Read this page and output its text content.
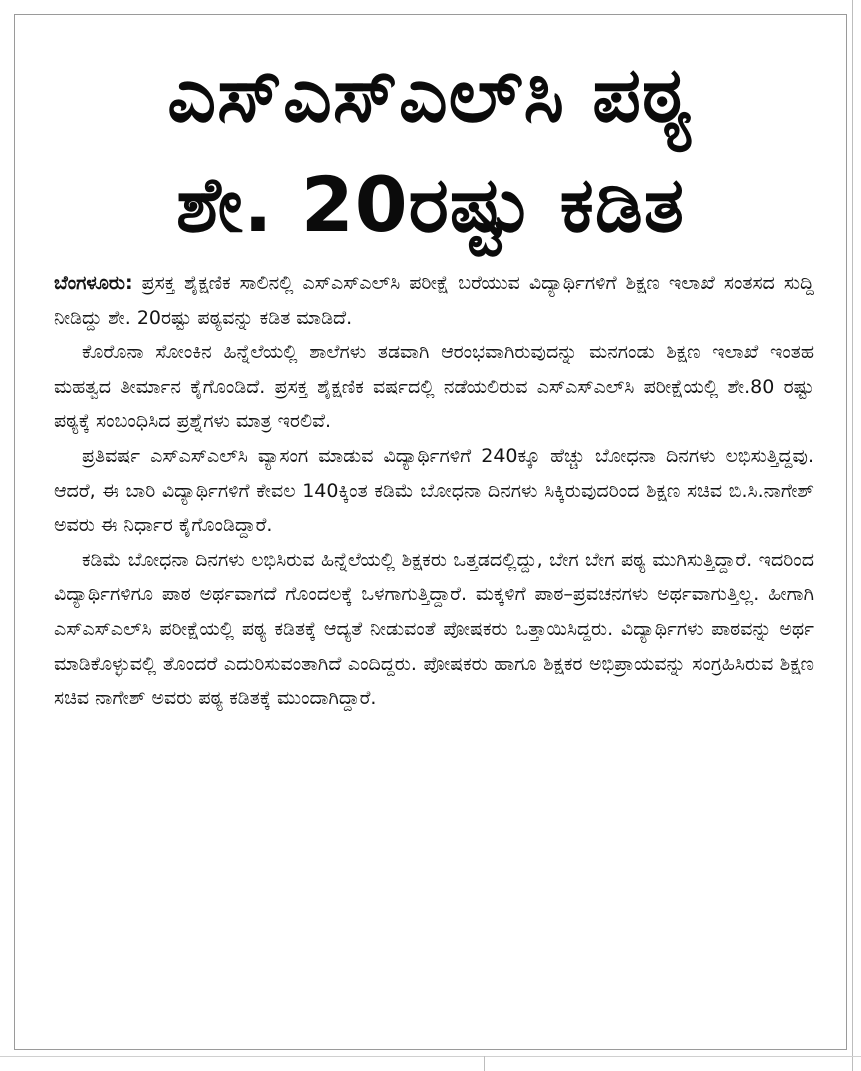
ಎಸ್‌ಎಸ್‌ಎಲ್‌ಸಿ ಪಠ್ಯ
ಶೇ. 20ರಷ್ಟು ಕಡಿತ

ಬೆಂಗಳೂರು: ಪ್ರಸಕ್ತ ಶೈಕ್ಷಣಿಕ ಸಾಲಿನಲ್ಲಿ ಎಸ್‌ಎಸ್‌ಎಲ್‌ಸಿ ಪರೀಕ್ಷೆ ಬರೆಯುವ ವಿದ್ಯಾರ್ಥಿಗಳಿಗೆ ಶಿಕ್ಷಣ ಇಲಾಖೆ ಸಂತಸದ ಸುದ್ದಿ ನೀಡಿದ್ದು ಶೇ. 20ರಷ್ಟು ಪಠ್ಯವನ್ನು ಕಡಿತ ಮಾಡಿದೆ.

ಕೊರೊನಾ ಸೋಂಕಿನ ಹಿನ್ನೆಲೆಯಲ್ಲಿ ಶಾಲೆಗಳು ತಡವಾಗಿ ಆರಂಭವಾಗಿರುವುದನ್ನು ಮನಗಂಡು ಶಿಕ್ಷಣ ಇಲಾಖೆ ಇಂತಹ ಮಹತ್ವದ ತೀರ್ಮಾನ ಕೈಗೊಂಡಿದೆ. ಪ್ರಸಕ್ತ ಶೈಕ್ಷಣಿಕ ವರ್ಷದಲ್ಲಿ ನಡೆಯಲಿರುವ ಎಸ್‌ಎಸ್‌ಎಲ್‌ಸಿ ಪರೀಕ್ಷೆಯಲ್ಲಿ ಶೇ.80 ರಷ್ಟು ಪಠ್ಯಕ್ಕೆ ಸಂಬಂಧಿಸಿದ ಪ್ರಶ್ನೆಗಳು ಮಾತ್ರ ಇರಲಿವೆ.

ಪ್ರತಿವರ್ಷ ಎಸ್‌ಎಸ್‌ಎಲ್‌ಸಿ ವ್ಯಾಸಂಗ ಮಾಡುವ ವಿದ್ಯಾರ್ಥಿಗಳಿಗೆ 240ಕ್ಕೂ ಹೆಚ್ಚು ಬೋಧನಾ ದಿನಗಳು ಲಭಿಸುತ್ತಿದ್ದವು. ಆದರೆ, ಈ ಬಾರಿ ವಿದ್ಯಾರ್ಥಿಗಳಿಗೆ ಕೇವಲ 140ಕ್ಕಿಂತ ಕಡಿಮೆ ಬೋಧನಾ ದಿನಗಳು ಸಿಕ್ಕಿರುವುದರಿಂದ ಶಿಕ್ಷಣ ಸಚಿವ ಬಿ.ಸಿ.ನಾಗೇಶ್ ಅವರು ಈ ನಿರ್ಧಾರ ಕೈಗೊಂಡಿದ್ದಾರೆ.

ಕಡಿಮೆ ಬೋಧನಾ ದಿನಗಳು ಲಭಿಸಿರುವ ಹಿನ್ನೆಲೆಯಲ್ಲಿ ಶಿಕ್ಷಕರು ಒತ್ತಡದಲ್ಲಿದ್ದು, ಬೇಗ ಬೇಗ ಪಠ್ಯ ಮುಗಿಸುತ್ತಿದ್ದಾರೆ. ಇದರಿಂದ ವಿದ್ಯಾರ್ಥಿಗಳಿಗೂ ಪಾಠ ಅರ್ಥವಾಗದೆ ಗೊಂದಲಕ್ಕೆ ಒಳಗಾಗುತ್ತಿದ್ದಾರೆ. ಮಕ್ಕಳಿಗೆ ಪಾಠ–ಪ್ರವಚನಗಳು ಅರ್ಥವಾಗುತ್ತಿಲ್ಲ. ಹೀಗಾಗಿ ಎಸ್‌ಎಸ್‌ಎಲ್‌ಸಿ ಪರೀಕ್ಷೆಯಲ್ಲಿ ಪಠ್ಯ ಕಡಿತಕ್ಕೆ ಆದ್ಯತೆ ನೀಡುವಂತೆ ಪೋಷಕರು ಒತ್ತಾಯಿಸಿದ್ದರು. ವಿದ್ಯಾರ್ಥಿಗಳು ಪಾಠವನ್ನು ಅರ್ಥ ಮಾಡಿಕೊಳ್ಳುವಲ್ಲಿ ತೊಂದರೆ ಎದುರಿಸುವಂತಾಗಿದೆ ಎಂದಿದ್ದರು. ಪೋಷಕರು ಹಾಗೂ ಶಿಕ್ಷಕರ ಅಭಿಪ್ರಾಯವನ್ನು ಸಂಗ್ರಹಿಸಿರುವ ಶಿಕ್ಷಣ ಸಚಿವ ನಾಗೇಶ್ ಅವರು ಪಠ್ಯ ಕಡಿತಕ್ಕೆ ಮುಂದಾಗಿದ್ದಾರೆ.
